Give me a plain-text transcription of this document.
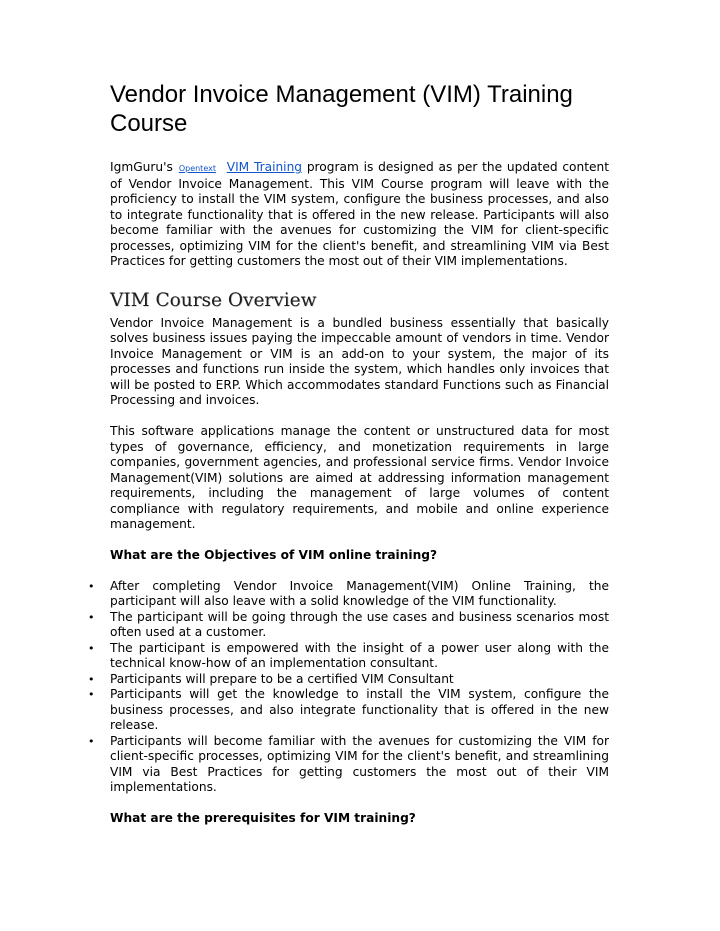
Vendor Invoice Management (VIM) Training Course

IgmGuru's Opentext VIM Training program is designed as per the updated content of Vendor Invoice Management. This VIM Course program will leave with the proficiency to install the VIM system, configure the business processes, and also to integrate functionality that is offered in the new release. Participants will also become familiar with the avenues for customizing the VIM for client-specific processes, optimizing VIM for the client's benefit, and streamlining VIM via Best Practices for getting customers the most out of their VIM implementations.

VIM Course Overview

Vendor Invoice Management is a bundled business essentially that basically solves business issues paying the impeccable amount of vendors in time. Vendor Invoice Management or VIM is an add-on to your system, the major of its processes and functions run inside the system, which handles only invoices that will be posted to ERP. Which accommodates standard Functions such as Financial Processing and invoices.

This software applications manage the content or unstructured data for most types of governance, efficiency, and monetization requirements in large companies, government agencies, and professional service firms. Vendor Invoice Management(VIM) solutions are aimed at addressing information management requirements, including the management of large volumes of content compliance with regulatory requirements, and mobile and online experience management.

What are the Objectives of VIM online training?

• After completing Vendor Invoice Management(VIM) Online Training, the participant will also leave with a solid knowledge of the VIM functionality.
• The participant will be going through the use cases and business scenarios most often used at a customer.
• The participant is empowered with the insight of a power user along with the technical know-how of an implementation consultant.
• Participants will prepare to be a certified VIM Consultant
• Participants will get the knowledge to install the VIM system, configure the business processes, and also integrate functionality that is offered in the new release.
• Participants will become familiar with the avenues for customizing the VIM for client-specific processes, optimizing VIM for the client's benefit, and streamlining VIM via Best Practices for getting customers the most out of their VIM implementations.

What are the prerequisites for VIM training?
